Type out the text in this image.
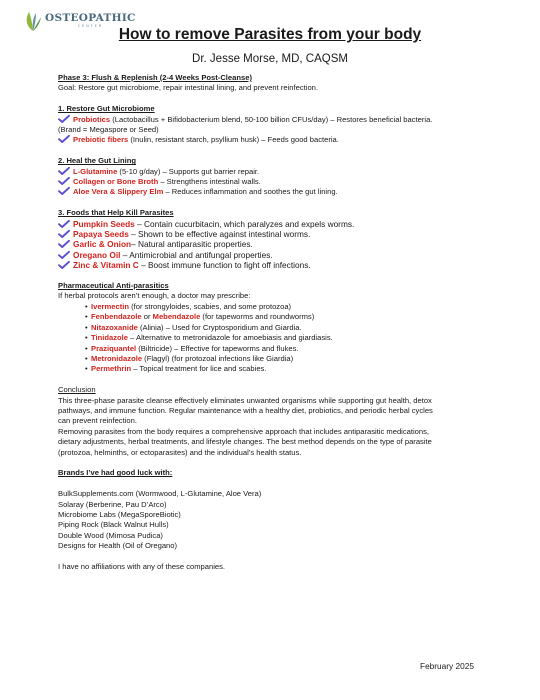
OSTEOPATHIC
CENTER
How to remove Parasites from your body
Dr. Jesse Morse, MD, CAQSM
Phase 3: Flush & Replenish (2-4 Weeks Post-Cleanse)
Goal: Restore gut microbiome, repair intestinal lining, and prevent reinfection.
1. Restore Gut Microbiome
Probiotics (Lactobacillus + Bifidobacterium blend, 50-100 billion CFUs/day) – Restores beneficial bacteria.
(Brand = Megaspore or Seed)
Prebiotic fibers (Inulin, resistant starch, psyllium husk) – Feeds good bacteria.
2. Heal the Gut Lining
L-Glutamine (5-10 g/day) – Supports gut barrier repair.
Collagen or Bone Broth – Strengthens intestinal walls.
Aloe Vera & Slippery Elm – Reduces inflammation and soothes the gut lining.
3. Foods that Help Kill Parasites
Pumpkin Seeds – Contain cucurbitacin, which paralyzes and expels worms.
Papaya Seeds – Shown to be effective against intestinal worms.
Garlic & Onion– Natural antiparasitic properties.
Oregano Oil – Antimicrobial and antifungal properties.
Zinc & Vitamin C – Boost immune function to fight off infections.
Pharmaceutical Anti-parasitics
If herbal protocols aren’t enough, a doctor may prescribe:
• Ivermectin (for strongyloides, scabies, and some protozoa)
• Fenbendazole or Mebendazole (for tapeworms and roundworms)
• Nitazoxanide (Alinia) – Used for Cryptosporidium and Giardia.
• Tinidazole – Alternative to metronidazole for amoebiasis and giardiasis.
• Praziquantel (Biltricide) – Effective for tapeworms and flukes.
• Metronidazole (Flagyl) (for protozoal infections like Giardia)
• Permethrin – Topical treatment for lice and scabies.
Conclusion
This three-phase parasite cleanse effectively eliminates unwanted organisms while supporting gut health, detox
pathways, and immune function. Regular maintenance with a healthy diet, probiotics, and periodic herbal cycles
can prevent reinfection.
Removing parasites from the body requires a comprehensive approach that includes antiparasitic medications,
dietary adjustments, herbal treatments, and lifestyle changes. The best method depends on the type of parasite
(protozoa, helminths, or ectoparasites) and the individual’s health status.
Brands I’ve had good luck with:
BulkSupplements.com (Wormwood, L-Glutamine, Aloe Vera)
Solaray (Berberine, Pau D’Arco)
Microbiome Labs (MegaSporeBiotic)
Piping Rock (Black Walnut Hulls)
Double Wood (Mimosa Pudica)
Designs for Health (Oil of Oregano)
I have no affiliations with any of these companies.
February 2025
